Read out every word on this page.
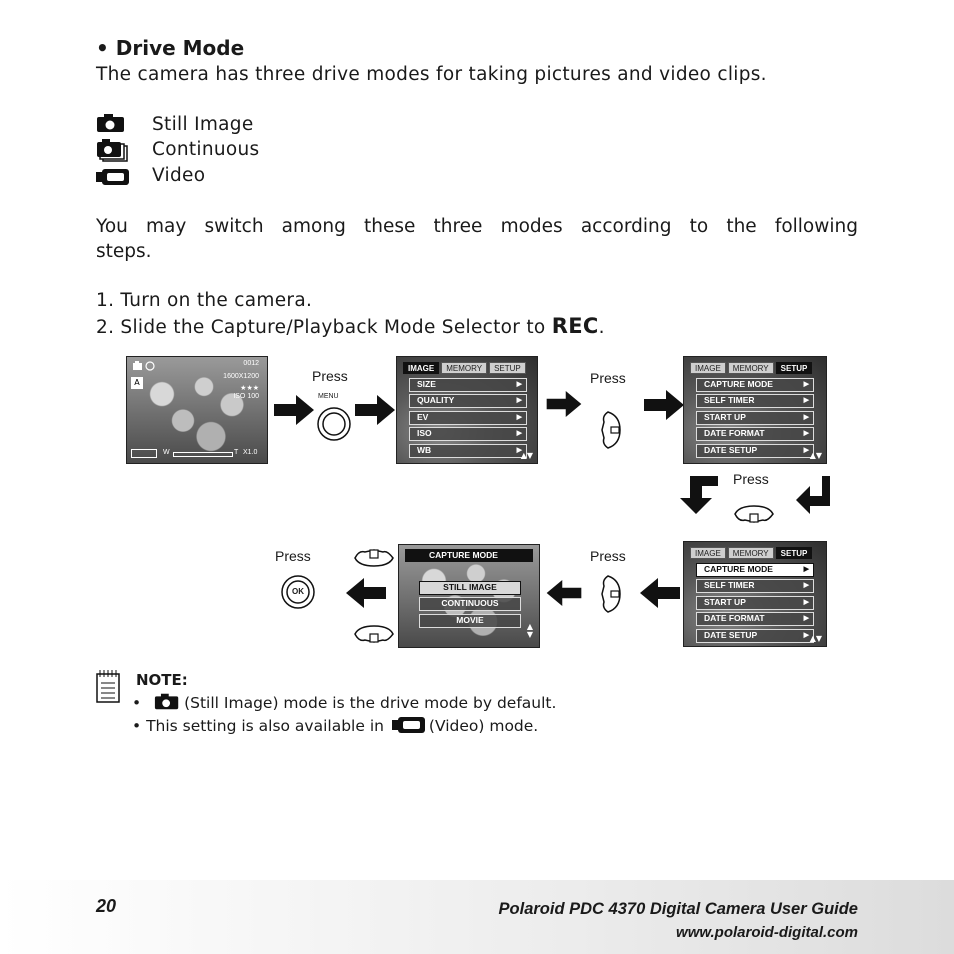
• Drive Mode
The camera has three drive modes for taking pictures and video clips.
Still Image
Continuous
Video
You may switch among these three modes according to the following steps.
1. Turn on the camera.
2. Slide the Capture/Playback Mode Selector to REC.
0012
1600X1200
★★★
ISO 100
A
W	T X1.0
Press
MENU
IMAGE	MEMORY	SETUP
SIZE	▶
QUALITY	▶
EV	▶
ISO	▶
WB	▶
▲▼
Press
IMAGE	MEMORY	SETUP
CAPTURE MODE	▶
SELF TIMER	▶
START UP	▶
DATE FORMAT	▶
DATE SETUP	▶
▲▼
Press
IMAGE	MEMORY	SETUP
CAPTURE MODE	▶
SELF TIMER	▶
START UP	▶
DATE FORMAT	▶
DATE SETUP	▶ ▲▼
Press
CAPTURE MODE
STILL IMAGE
CONTINUOUS
MOVIE
▲
▼
Press
OK
NOTE:
•	(Still Image) mode is the drive mode by default.
• This setting is also available in	(Video) mode.
20	Polaroid PDC 4370 Digital Camera User Guide
www.polaroid-digital.com
